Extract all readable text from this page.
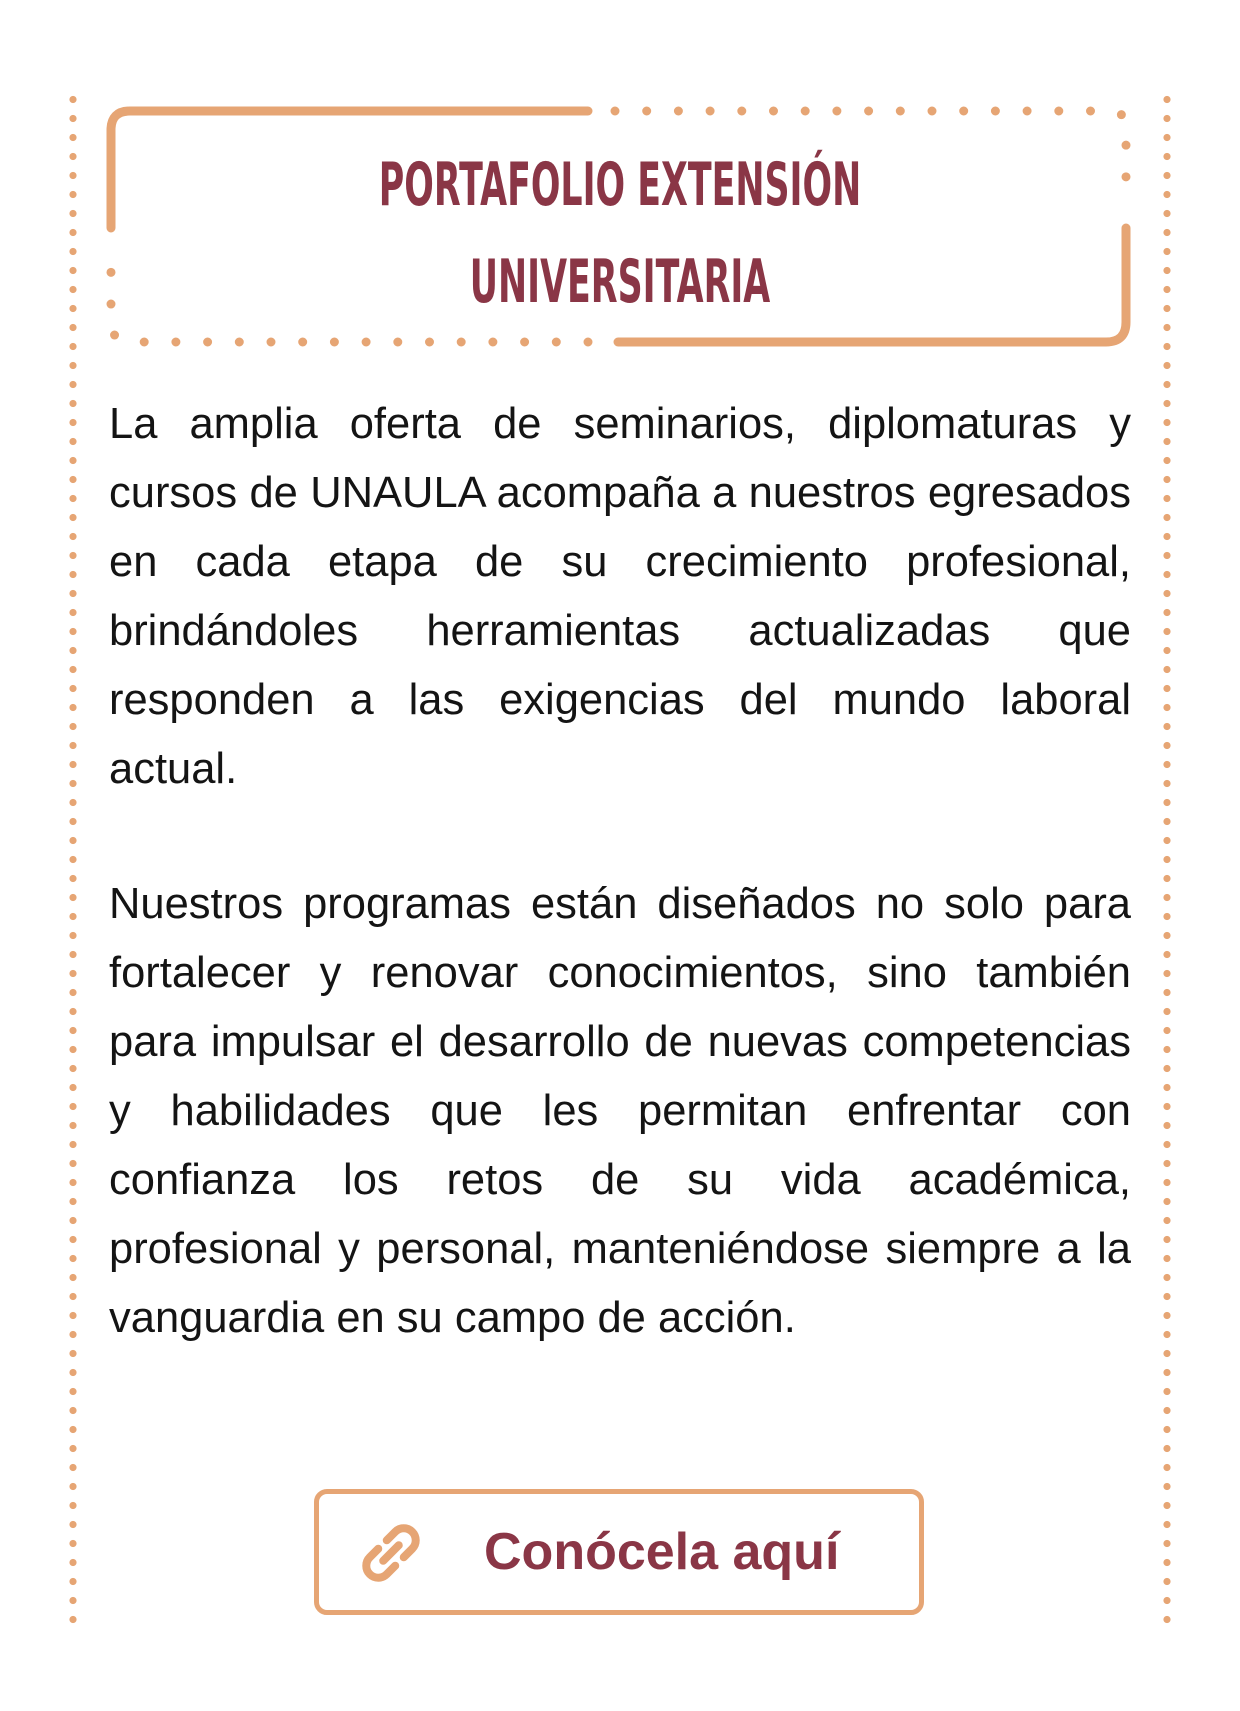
PORTAFOLIO EXTENSIÓN
UNIVERSITARIA

La amplia oferta de seminarios, diplomaturas y cursos de UNAULA acompaña a nuestros egresados en cada etapa de su crecimiento profesional, brindándoles herramientas actualizadas que responden a las exigencias del mundo laboral actual.

Nuestros programas están diseñados no solo para fortalecer y renovar conocimientos, sino también para impulsar el desarrollo de nuevas competencias y habilidades que les permitan enfrentar con confianza los retos de su vida académica, profesional y personal, manteniéndose siempre a la vanguardia en su campo de acción.

Conócela aquí
